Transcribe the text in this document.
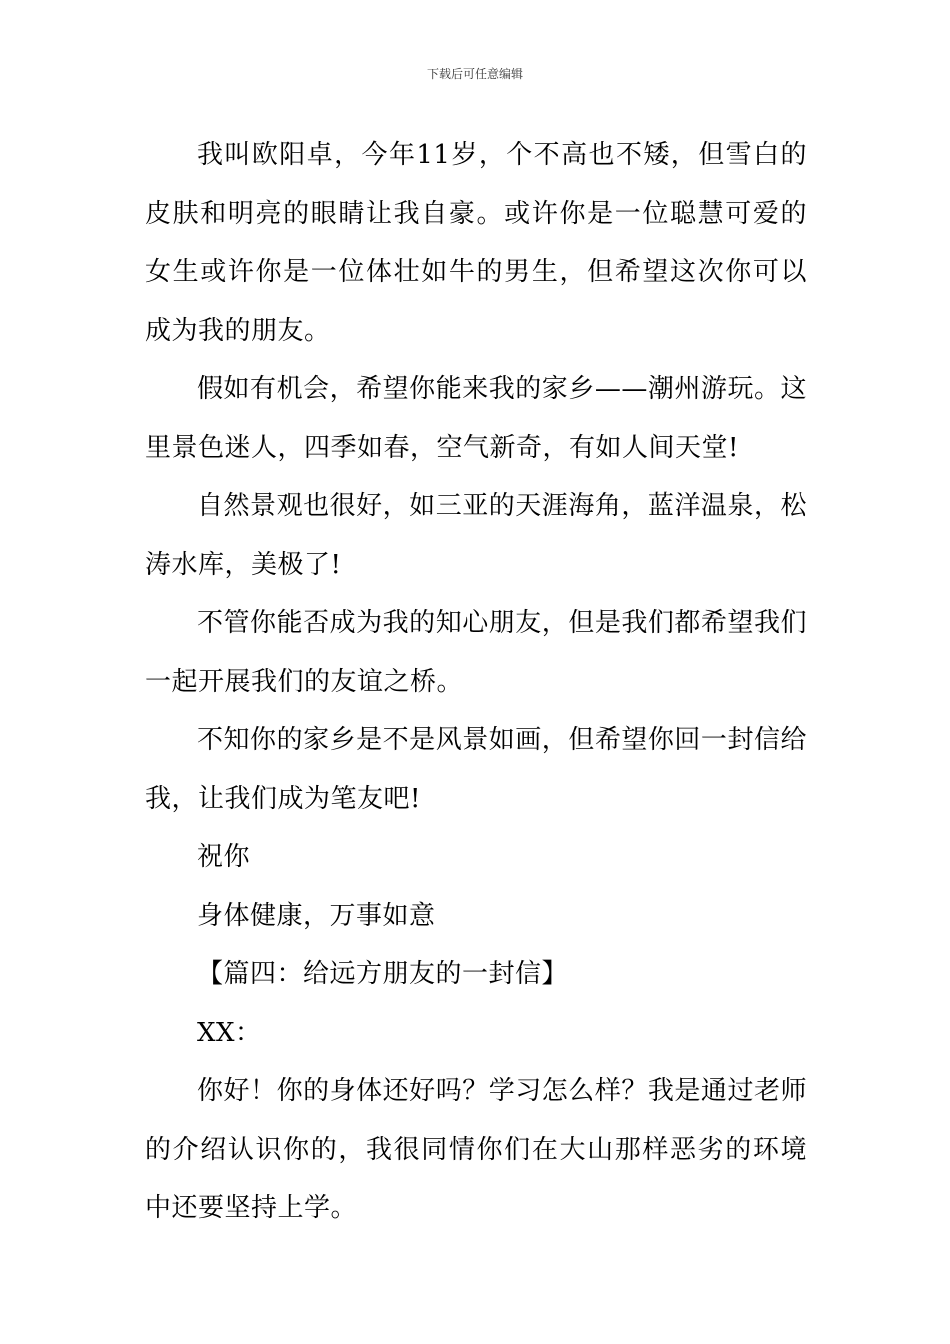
下载后可任意编辑

我叫欧阳卓，今年11岁，个不高也不矮，但雪白的皮肤和明亮的眼睛让我自豪。或许你是一位聪慧可爱的女生或许你是一位体壮如牛的男生，但希望这次你可以成为我的朋友。

假如有机会，希望你能来我的家乡——潮州游玩。这里景色迷人，四季如春，空气新奇，有如人间天堂!

自然景观也很好，如三亚的天涯海角，蓝洋温泉，松涛水库，美极了!

不管你能否成为我的知心朋友，但是我们都希望我们一起开展我们的友谊之桥。

不知你的家乡是不是风景如画，但希望你回一封信给我，让我们成为笔友吧!

祝你

身体健康，万事如意

【篇四：给远方朋友的一封信】

XX：

你好！你的身体还好吗？学习怎么样？我是通过老师的介绍认识你的，我很同情你们在大山那样恶劣的环境中还要坚持上学。
